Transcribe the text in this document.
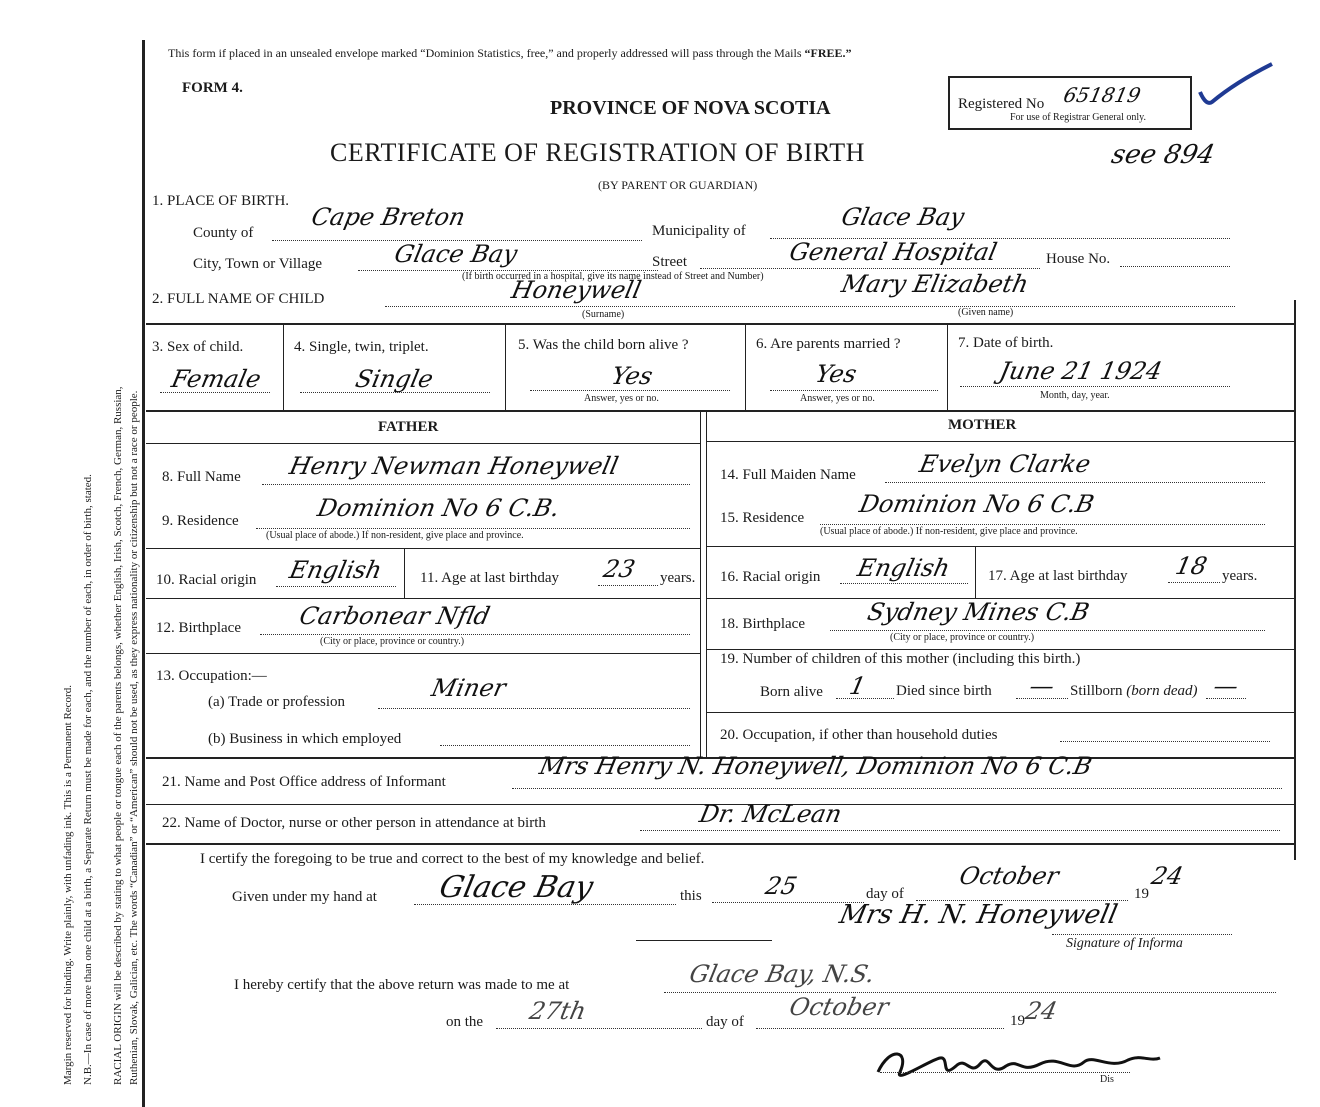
Margin reserved for binding. Write plainly, with unfading ink. This is a Permanent Record. N.B.—In case of more than one child at a birth, a Separate Return must be made for each, and the number of each, in order of birth, stated. RACIAL ORIGIN will be described by stating to what people or tongue each of the parents belongs, whether English, Irish, Scotch, French, German, Russian, Ruthenian, Slovak, Galician, etc. The words “Canadian” or “American” should not be used, as they express nationality or citizenship but not a race or people.
This form if placed in an unsealed envelope marked “Dominion Statistics, free,” and properly addressed will pass through the Mails “FREE.”
FORM 4.
PROVINCE OF NOVA SCOTIA	Registered No 651819
For use of Registrar General only.
CERTIFICATE OF REGISTRATION OF BIRTH	see 894
(BY PARENT OR GUARDIAN)
1. PLACE OF BIRTH.
County of
Cape Breton	Municipality of	Glace Bay
City, Town or Village	Glace Bay	Street	General Hospital	House No.
(If birth occurred in a hospital, give its name instead of Street and Number)
2. FULL NAME OF CHILD	Honeywell
(Surname)
Mary Elizabeth
(Given name)
3. Sex of child.
Female
4. Single, twin, triplet.
Single
5. Was the child born alive ?
Yes
Answer, yes or no.
6. Are parents married ?
Yes
Answer, yes or no.
7. Date of birth.
June 21 1924
Month, day, year.
FATHER	MOTHER
8. Full Name Henry Newman Honeywell
9. Residence	Dominion No 6 C.B.
(Usual place of abode.) If non-resident, give place and province.
10. Racial origin English 11. Age at last birthday 23 years.
12. Birthplace Carbonear Nfld
(City or place, province or country.)
13. Occupation:—
(a) Trade or profession	Miner
(b) Business in which employed
14. Full Maiden Name	Evelyn Clarke
15. Residence Dominion No 6 C.B
(Usual place of abode.) If non-resident, give place and province.
16. Racial origin English 17. Age at last birthday 18 years.
18. Birthplace	Sydney Mines C.B
(City or place, province or country.)
19. Number of children of this mother (including this birth.)
Born alive 1 Died since birth — Stillborn (born dead) —
20. Occupation, if other than household duties
21. Name and Post Office address of Informant
Mrs Henry N. Honeywell, Dominion No 6 C.B
22. Name of Doctor, nurse or other person in attendance at birth	Dr. McLean
I certify the foregoing to be true and correct to the best of my knowledge and belief.
Given under my hand at Glace Bay	this	25	day of
October
19
24
Mrs H. N. Honeywell
Signature of Informa
I hereby certify that the above return was made to me at	Glace Bay, N.S.
on the 27th	day of
October	19
24
Dis
